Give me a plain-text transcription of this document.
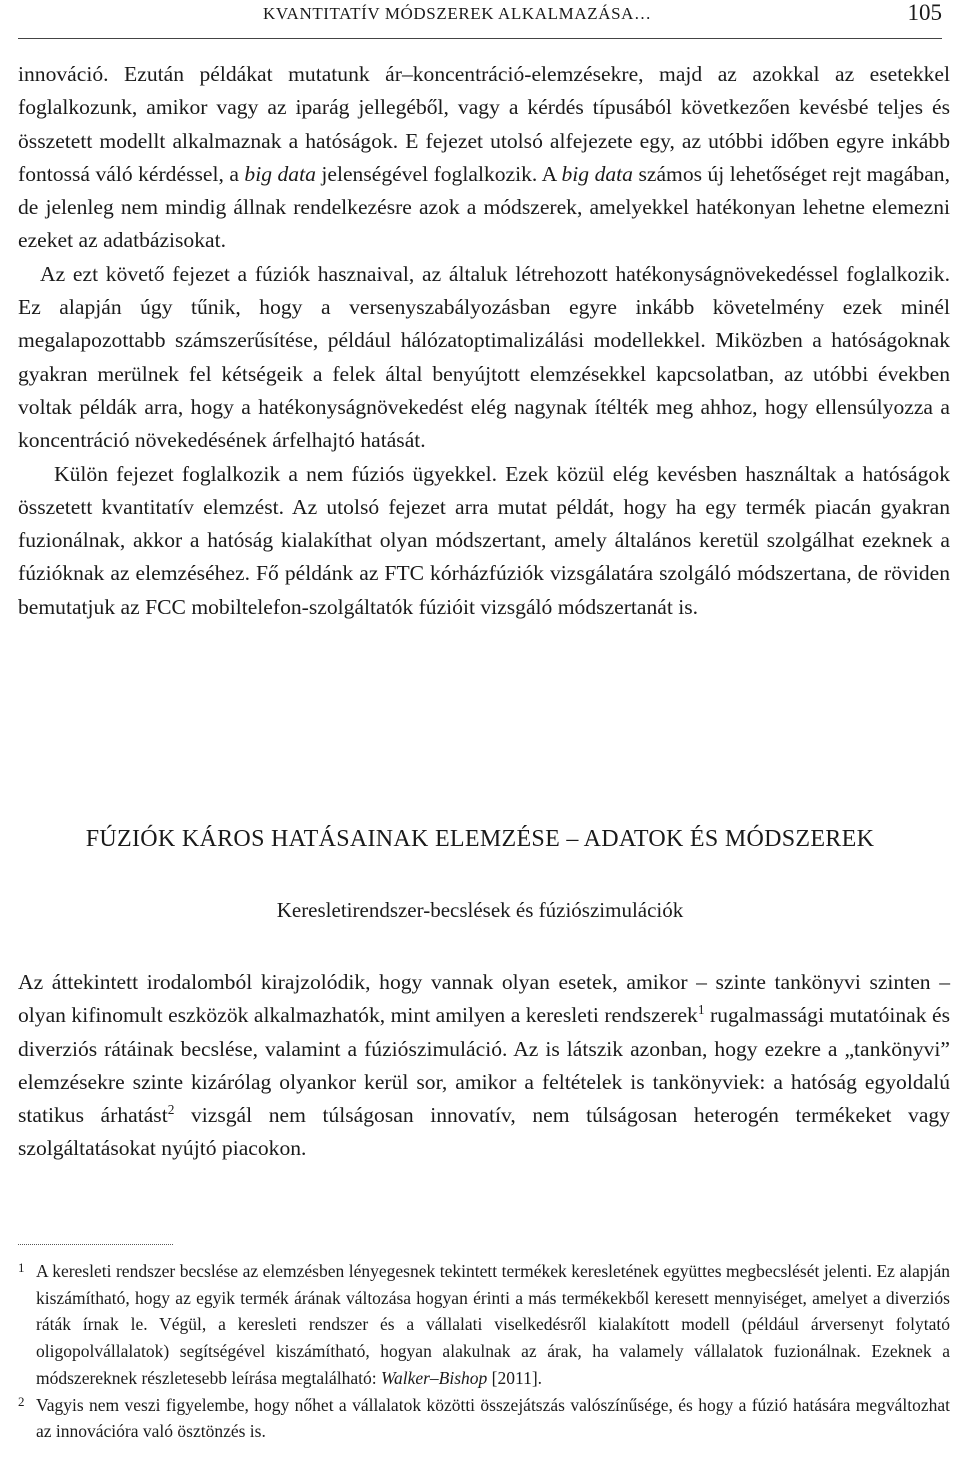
KVANTITATÍV MÓDSZEREK ALKALMAZÁSA…	105

innováció. Ezután példákat mutatunk ár–koncentráció-elemzésekre, majd az azokkal az esetekkel foglalkozunk, amikor vagy az iparág jellegéből, vagy a kérdés típusából következően kevésbé teljes és összetett modellt alkalmaznak a hatóságok. E fejezet utolsó alfejezete egy, az utóbbi időben egyre inkább fontossá váló kérdéssel, a big data jelenségével foglalkozik. A big data számos új lehetőséget rejt magában, de jelenleg nem mindig állnak rendelkezésre azok a módszerek, amelyekkel hatékonyan lehetne elemezni ezeket az adatbázisokat.

Az ezt követő fejezet a fúziók hasznaival, az általuk létrehozott hatékonyságnövekedéssel foglalkozik. Ez alapján úgy tűnik, hogy a versenyszabályozásban egyre inkább követelmény ezek minél megalapozottabb számszerűsítése, például hálózatoptimalizálási modellekkel. Miközben a hatóságoknak gyakran merülnek fel kétségeik a felek által benyújtott elemzésekkel kapcsolatban, az utóbbi években voltak példák arra, hogy a hatékonyságnövekedést elég nagynak ítélték meg ahhoz, hogy ellensúlyozza a koncentráció növekedésének árfelhajtó hatását.

Külön fejezet foglalkozik a nem fúziós ügyekkel. Ezek közül elég kevésben használtak a hatóságok összetett kvantitatív elemzést. Az utolsó fejezet arra mutat példát, hogy ha egy termék piacán gyakran fuzionálnak, akkor a hatóság kialakíthat olyan módszertant, amely általános keretül szolgálhat ezeknek a fúzióknak az elemzéséhez. Fő példánk az FTC kórházfúziók vizsgálatára szolgáló módszertana, de röviden bemutatjuk az FCC mobiltelefon-szolgáltatók fúzióit vizsgáló módszertanát is.

FÚZIÓK KÁROS HATÁSAINAK ELEMZÉSE – ADATOK ÉS MÓDSZEREK
Keresletirendszer-becslések és fúziószimulációk

Az áttekintett irodalomból kirajzolódik, hogy vannak olyan esetek, amikor – szinte tankönyvi szinten – olyan kifinomult eszközök alkalmazhatók, mint amilyen a keresleti rendszerek$^1$ rugalmassági mutatóinak és diverziós rátáinak becslése, valamint a fúziószimuláció. Az is látszik azonban, hogy ezekre a „tankönyvi” elemzésekre szinte kizárólag olyankor kerül sor, amikor a feltételek is tankönyviek: a hatóság egyoldalú statikus árhatást$^2$ vizsgál nem túlságosan innovatív, nem túlságosan heterogén termékeket vagy szolgáltatásokat nyújtó piacokon.

1 A keresleti rendszer becslése az elemzésben lényegesnek tekintett termékek keresletének együttes megbecslését jelenti. Ez alapján kiszámítható, hogy az egyik termék árának változása hogyan érinti a más termékekből keresett mennyiséget, amelyet a diverziós ráták írnak le. Végül, a keresleti rendszer és a vállalati viselkedésről kialakított modell (például árversenyt folytató oligopolvállalatok) segítségével kiszámítható, hogyan alakulnak az árak, ha valamely vállalatok fuzionálnak. Ezeknek a módszereknek részletesebb leírása megtalálható: Walker–Bishop [2011].

2 Vagyis nem veszi figyelembe, hogy nőhet a vállalatok közötti összejátszás valószínűsége, és hogy a fúzió hatására megváltozhat az innovációra való ösztönzés is.
